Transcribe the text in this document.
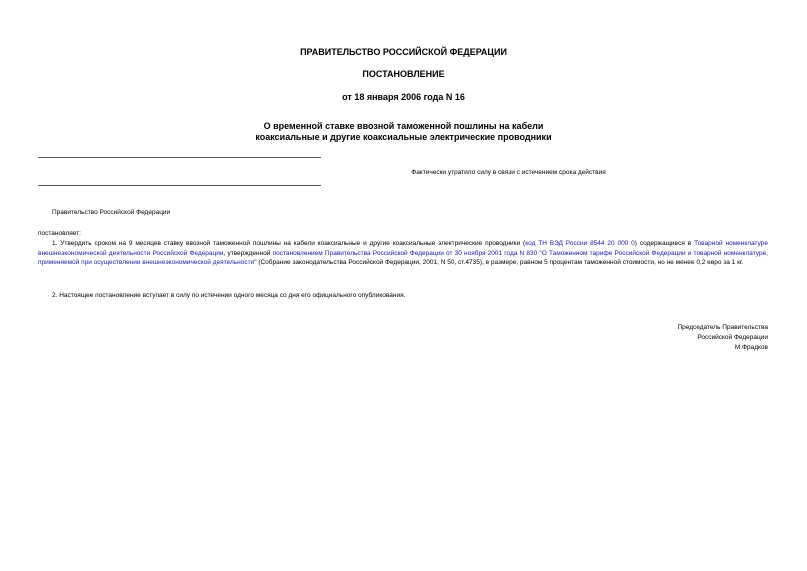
ПРАВИТЕЛЬСТВО РОССИЙСКОЙ ФЕДЕРАЦИИ
ПОСТАНОВЛЕНИЕ
от 18 января 2006 года N 16
О временной ставке ввозной таможенной пошлины на кабели
коаксиальные и другие коаксиальные электрические проводники
Фактически утратило силу в связи с истечением срока действия
Правительство Российской Федерации
постановляет:
1. Утвердить сроком на 9 месяцев ставку ввозной таможенной пошлины на кабели коаксиальные и другие коаксиальные электрические проводники (код ТН ВЭД России 8544 20 000 0) содержащиеся в Товарной номенклатуре внешнеэкономической деятельности Российской Федерации, утвержденной постановлением Правительства Российской Федерации от 30 ноября 2001 года N 830 "О Таможенном тарифе Российской Федерации и товарной номенклатуре, применяемой при осуществлении внешнеэкономической деятельности" (Собрание законодательства Российской Федерации, 2001, N 50, ст.4735), в размере, равном 5 процентам таможенной стоимости, но не менее 0,2 евро за 1 кг.
2. Настоящее постановление вступает в силу по истечении одного месяца со дня его официального опубликования.
Председатель Правительства
Российской Федерации
М.Фрадков
